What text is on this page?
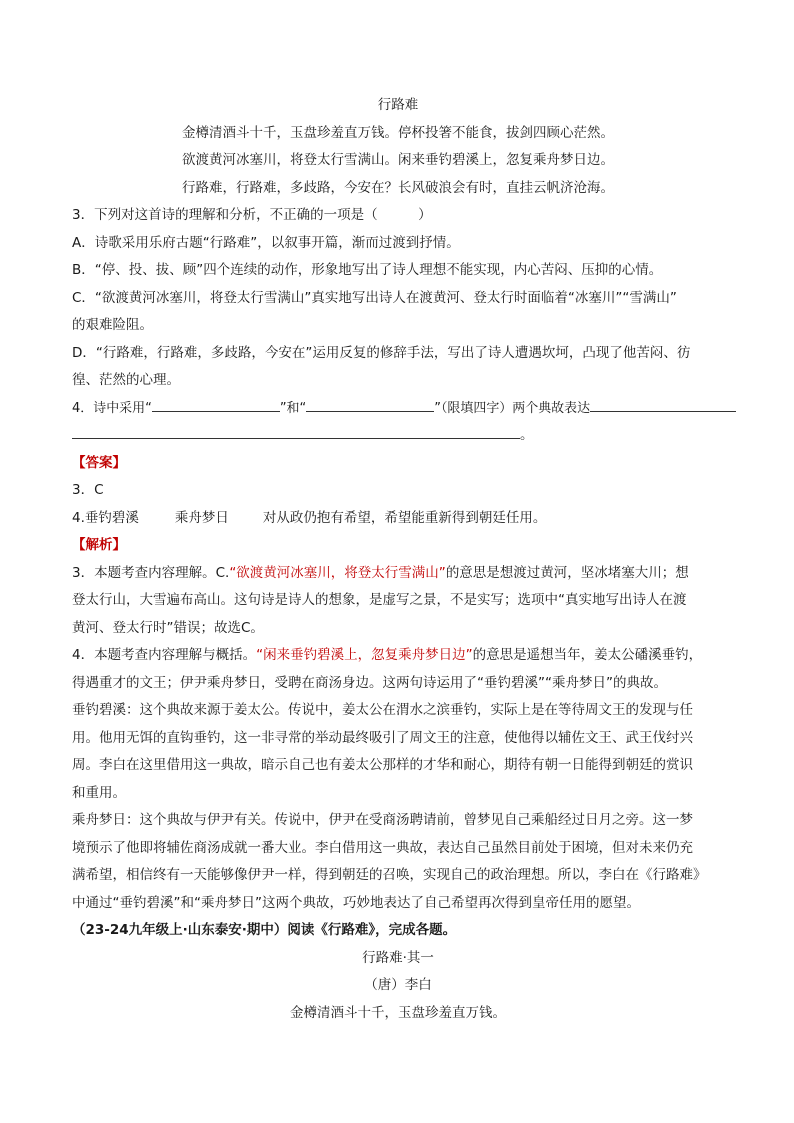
行路难
金樽清酒斗十千，玉盘珍羞直万钱。停杯投箸不能食，拔剑四顾心茫然。
欲渡黄河冰塞川，将登太行雪满山。闲来垂钓碧溪上，忽复乘舟梦日边。
行路难，行路难，多歧路，今安在？长风破浪会有时，直挂云帆济沧海。
3．下列对这首诗的理解和分析，不正确的一项是（　　　）
A．诗歌采用乐府古题“行路难”，以叙事开篇，渐而过渡到抒情。
B．“停、投、拔、顾”四个连续的动作，形象地写出了诗人理想不能实现，内心苦闷、压抑的心情。
C．“欲渡黄河冰塞川，将登太行雪满山”真实地写出诗人在渡黄河、登太行时面临着“冰塞川”“雪满山”
的艰难险阻。
D．“行路难，行路难，多歧路，今安在”运用反复的修辞手法，写出了诗人遭遇坎坷，凸现了他苦闷、彷
徨、茫然的心理。
4．诗中采用“	”和“	”（限填四字）两个典故表达
。
【答案】
3．C
4.垂钓碧溪	乘舟梦日	对从政仍抱有希望，希望能重新得到朝廷任用。
【解析】
3．本题考查内容理解。C.“欲渡黄河冰塞川，将登太行雪满山”的意思是想渡过黄河，坚冰堵塞大川；想
登太行山，大雪遍布高山。这句诗是诗人的想象，是虚写之景，不是实写；选项中“真实地写出诗人在渡
黄河、登太行时”错误；故选C。
4．本题考查内容理解与概括。“闲来垂钓碧溪上，忽复乘舟梦日边”的意思是遥想当年，姜太公磻溪垂钓，
得遇重才的文王；伊尹乘舟梦日，受聘在商汤身边。这两句诗运用了“垂钓碧溪”“乘舟梦日”的典故。
垂钓碧溪：这个典故来源于姜太公。传说中，姜太公在渭水之滨垂钓，实际上是在等待周文王的发现与任
用。他用无饵的直钩垂钓，这一非寻常的举动最终吸引了周文王的注意，使他得以辅佐文王、武王伐纣兴
周。李白在这里借用这一典故，暗示自己也有姜太公那样的才华和耐心，期待有朝一日能得到朝廷的赏识
和重用。
乘舟梦日：这个典故与伊尹有关。传说中，伊尹在受商汤聘请前，曾梦见自己乘船经过日月之旁。这一梦
境预示了他即将辅佐商汤成就一番大业。李白借用这一典故，表达自己虽然目前处于困境，但对未来仍充
满希望，相信终有一天能够像伊尹一样，得到朝廷的召唤，实现自己的政治理想。所以，李白在《行路难》
中通过“垂钓碧溪”和“乘舟梦日”这两个典故，巧妙地表达了自己希望再次得到皇帝任用的愿望。
（23-24九年级上·山东泰安·期中）阅读《行路难》，完成各题。
行路难·其一
（唐）李白
金樽清酒斗十千，玉盘珍羞直万钱。
